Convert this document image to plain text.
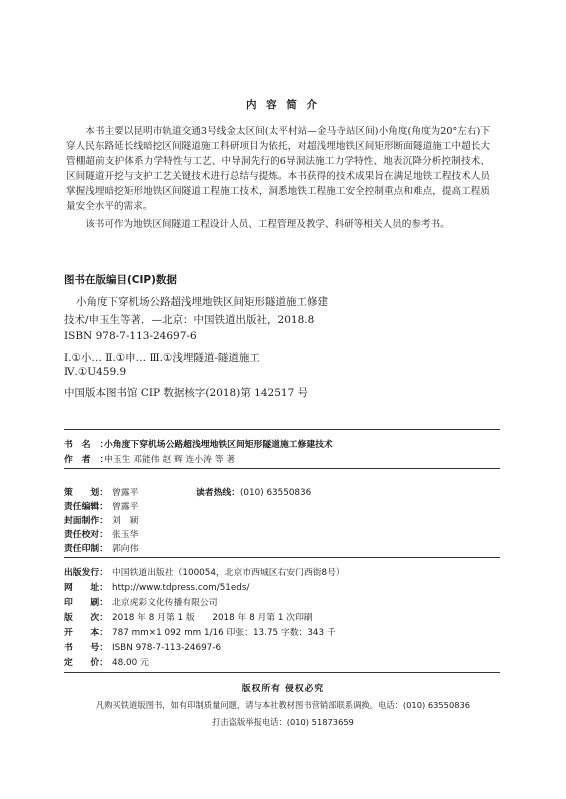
内 容 简 介

本书主要以昆明市轨道交通3号线金太区间(太平村站—金马寺站区间)小角度(角度为20°左右)下穿人民东路延长线暗挖区间隧道施工科研项目为依托，对超浅埋地铁区间矩形断面隧道施工中超长大管棚超前支护体系力学特性与工艺、中导洞先行的6导洞法施工力学特性、地表沉降分析控制技术、区间隧道开挖与支护工艺关键技术进行总结与提炼。本书获得的技术成果旨在满足地铁工程技术人员掌握浅埋暗挖矩形地铁区间隧道工程施工技术，洞悉地铁工程施工安全控制重点和难点，提高工程质量安全水平的需求。

该书可作为地铁区间隧道工程设计人员、工程管理及教学、科研等相关人员的参考书。

图书在版编目(CIP)数据
小角度下穿机场公路超浅埋地铁区间矩形隧道施工修建
技术/申玉生等著．—北京：中国铁道出版社，2018.8
ISBN 978-7-113-24697-6
Ⅰ.①小… Ⅱ.①申… Ⅲ.①浅埋隧道-隧道施工
Ⅳ.①U459.9
中国版本图书馆 CIP 数据核字(2018)第 142517 号
书名：小角度下穿机场公路超浅埋地铁区间矩形隧道施工修建技术
作者：申玉生 邓能伟 赵 辉 连小涛 等 著
策　　划： 曾露平	读者热线：(010) 63550836
责任编辑： 曾露平
封面制作： 刘　颖
责任校对： 张玉华
责任印制： 郭向伟
出版发行： 中国铁道出版社（100054，北京市西城区右安门西街8号）
网　　址： http://www.tdpress.com/51eds/
印　　刷： 北京虎彩文化传播有限公司
版　　次： 2018 年 8 月第 1 版　　2018 年 8 月第 1 次印刷
开　　本： 787 mm×1 092 mm 1/16 印张：13.75 字数：343 千
书　　号： ISBN 978-7-113-24697-6
定　　价： 48.00 元
版权所有 侵权必究
凡购买铁道版图书，如有印制质量问题，请与本社教材图书营销部联系调换。电话：(010) 63550836
打击盗版举报电话：(010) 51873659
